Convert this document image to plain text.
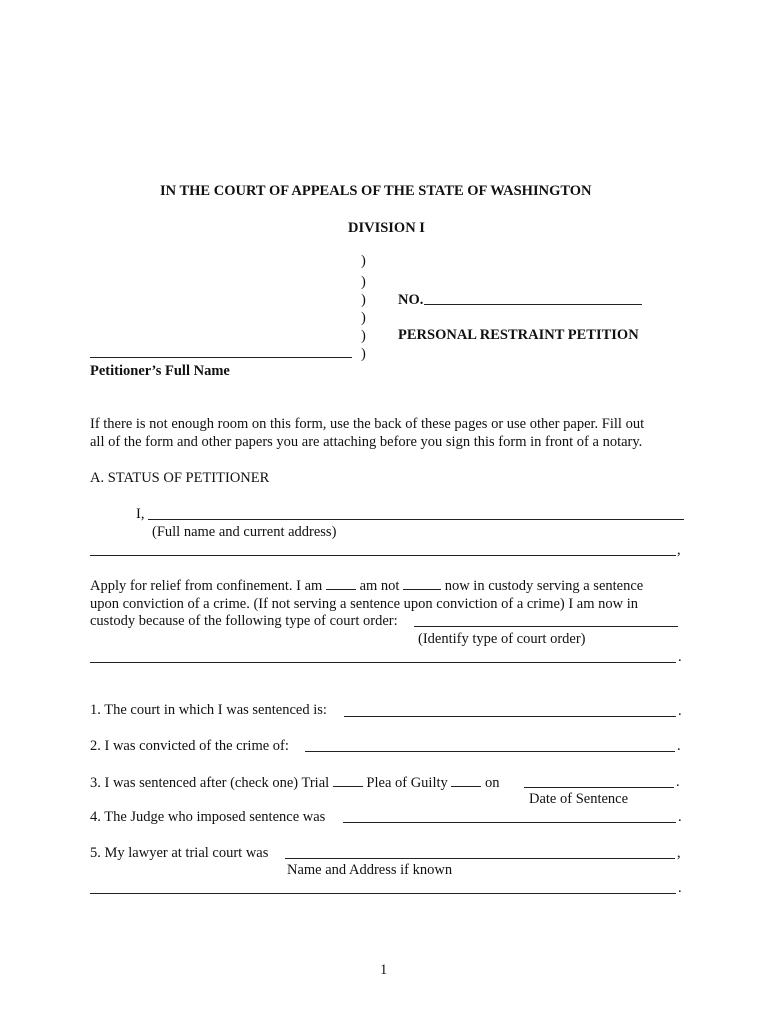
IN THE COURT OF APPEALS OF THE STATE OF WASHINGTON
DIVISION I
)
)
)
)
)
)
NO.
PERSONAL RESTRAINT PETITION
Petitioner’s Full Name
If there is not enough room on this form, use the back of these pages or use other paper. Fill out
all of the form and other papers you are attaching before you sign this form in front of a notary.
A. STATUS OF PETITIONER
I,
(Full name and current address)
,
Apply for relief from confinement. I am	am not	now in custody serving a sentence
upon conviction of a crime. (If not serving a sentence upon conviction of a crime) I am now in
custody because of the following type of court order:
(Identify type of court order)
.
1. The court in which I was sentenced is:	.
2. I was convicted of the crime of:	.
3. I was sentenced after (check one) Trial	Plea of Guilty	on	.
Date of Sentence
4. The Judge who imposed sentence was	.
5. My lawyer at trial court was	,
Name and Address if known
.
1
